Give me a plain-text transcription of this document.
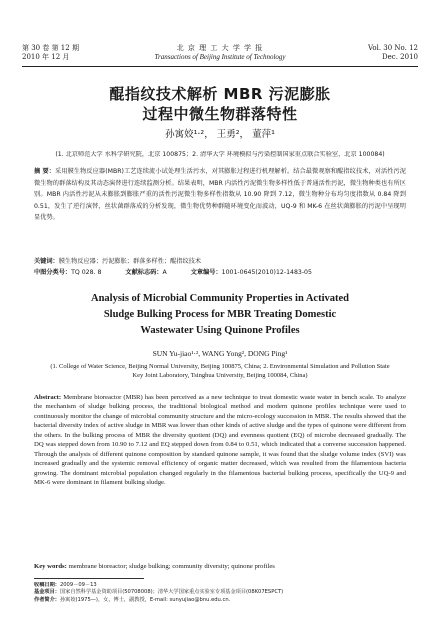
第 30 卷 第 12 期
2010 年 12 月
北 京 理 工 大 学 学 报
Transactions of Beijing Institute of Technology
Vol. 30 No. 12
Dec. 2010
醌指纹技术解析 MBR 污泥膨胀
过程中微生物群落特性
孙寓姣¹·²， 王勇²， 董萍¹
(1. 北京师范大学 水科学研究院，北京 100875；2. 清华大学 环境模拟与污染控制国家重点联合实验室，北京 100084)
摘 要：采用膜生物反应器(MBR)工艺连续流小试处理生活污水，对其膨胀过程进行机理解析。结合最微观察和醌指纹技术，对活性污泥微生物的群落结构及其动态演替进行连续监测分析。结果表明，MBR 内活性污泥微生物多样性低于普通活性污泥，微生物种类也有所区别。MBR 内活性污泥从未膨胀到膨胀严重的活性污泥微生物多样性指数从 10.90 降到 7.12，微生物种分布均匀度指数从 0.84 降到 0.51，发生了逆行演替，丝状菌群落成的分析发现，微生物优势种群随环境变化而波动，UQ-9 和 MK-6 在丝状菌膨胀的污泥中呈现明显优势。
关键词：膜生物反应器；污泥膨胀；群落多样性；醌指纹技术
中图分类号：TQ 028. 8	文献标志码：A	文章编号：1001-0645(2010)12-1483-05
Analysis of Microbial Community Properties in Activated
Sludge Bulking Process for MBR Treating Domestic
Wastewater Using Quinone Profiles
SUN Yu-jiao¹·², WANG Yong², DONG Ping¹
(1. College of Water Science, Beijing Normal University, Beijing 100875, China; 2. Environmental Simulation and Pollution State Key Joint Laboratory, Tsinghua University, Beijing 100084, China)
Abstract: Membrane bioreactor (MBR) has been perceived as a new technique to treat domestic waste water in bench scale. To analyze the mechanism of sludge bulking process, the traditional biological method and modern quinone profiles technique were used to continuously monitor the change of microbial community structure and the micro-ecology succession in MBR. The results showed that the bacterial diversity index of active sludge in MBR was lower than other kinds of active sludge and the types of quinone were different from the others. In the bulking process of MBR the diversity quotient (DQ) and evenness quotient (EQ) of microbe decreased gradually. The DQ was stepped down from 10.90 to 7.12 and EQ stepped down from 0.84 to 0.51, which indicated that a converse succession happened. Through the analysis of different quinone composition by standard quinone sample, it was found that the sludge volume index (SVI) was increased gradually and the systemic removal efficiency of organic matter decreased, which was resulted from the filamentous bacteria growing. The dominant microbial population changed regularly in the filamentous bacterial bulking process, specifically the UQ-9 and MK-6 were dominant in filament bulking sludge.
Key words: membrane bioreactor; sludge bulking; community diversity; quinone profiles
收稿日期：2009－09－13
基金项目：国家自然科学基金资助项目(50708008)；清华大学国家重点实验室专项基金项目(08K07ESPCT)
作者简介：孙寓姣(1975—)，女，博士，副教授，E-mail: sunyujiao@bnu.edu.cn.
